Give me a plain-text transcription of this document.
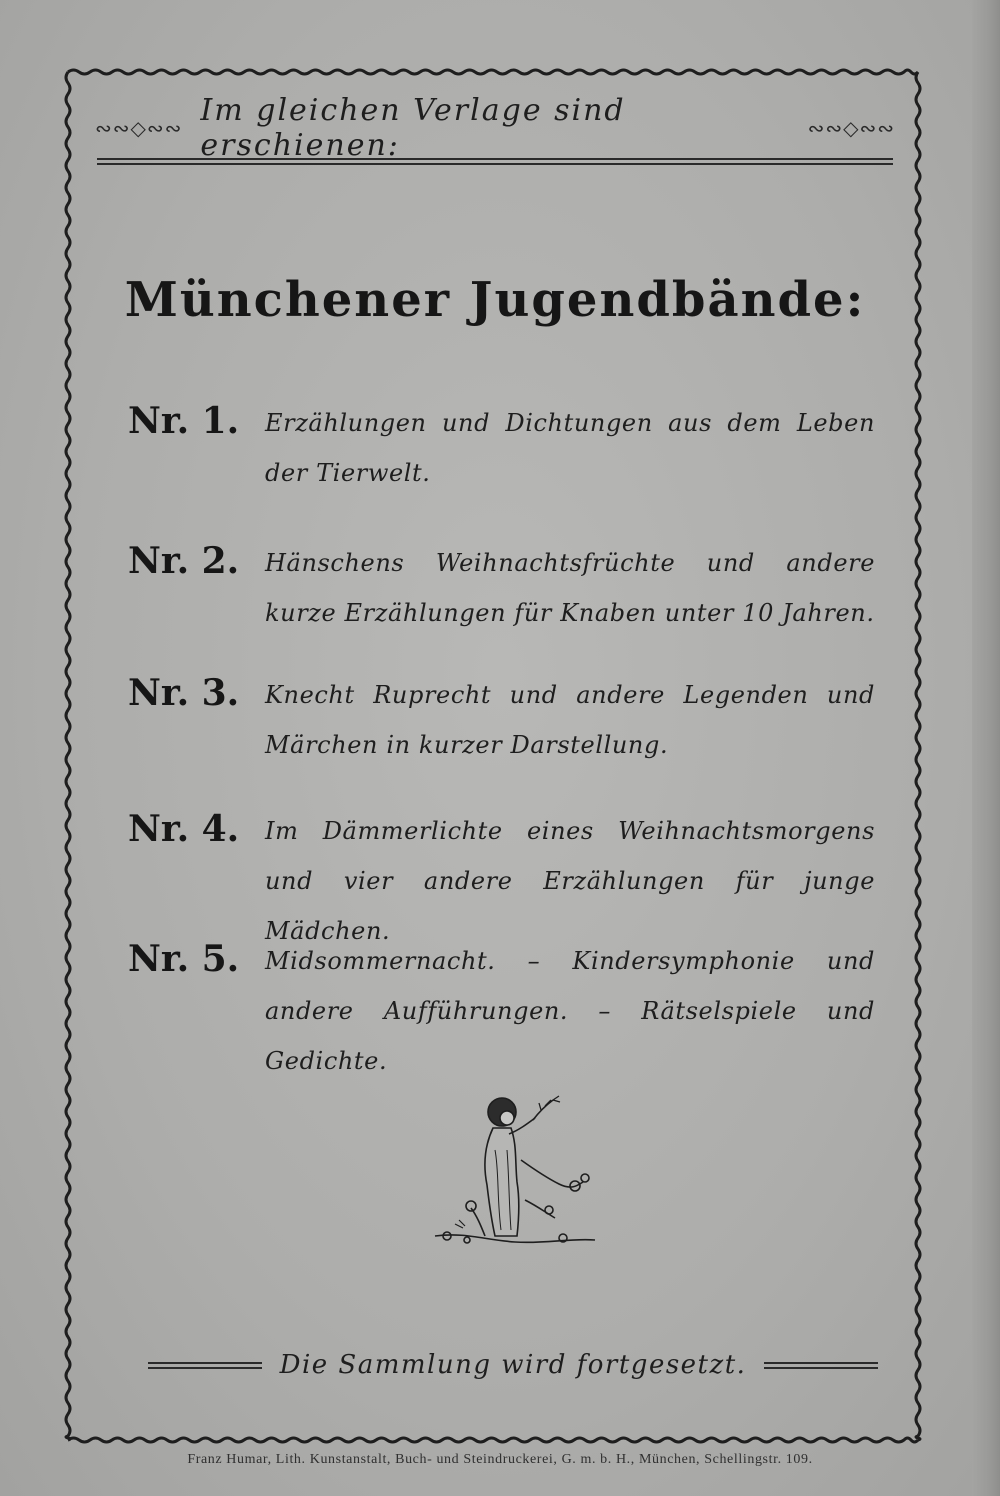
∾∾◇∾∾ Im gleichen Verlage sind erschienen:	∾∾◇∾∾
Münchener Jugendbände:
Nr. 1.	Erzählungen und Dichtungen aus dem Leben der Tierwelt.
Nr. 2.	Hänschens Weihnachtsfrüchte und andere kurze Erzählungen für Knaben unter 10 Jahren.
Nr. 3.	Knecht Ruprecht und andere Legenden und Märchen in kurzer Darstellung.
Nr. 4.	Im Dämmerlichte eines Weihnachtsmorgens und vier andere Erzählungen für junge Mädchen.
Nr. 5.	Midsommernacht. – Kindersymphonie und andere Aufführungen. – Rätselspiele und Gedichte.
Die Sammlung wird fortgesetzt.
Franz Humar, Lith. Kunstanstalt, Buch- und Steindruckerei, G. m. b. H., München, Schellingstr. 109.
